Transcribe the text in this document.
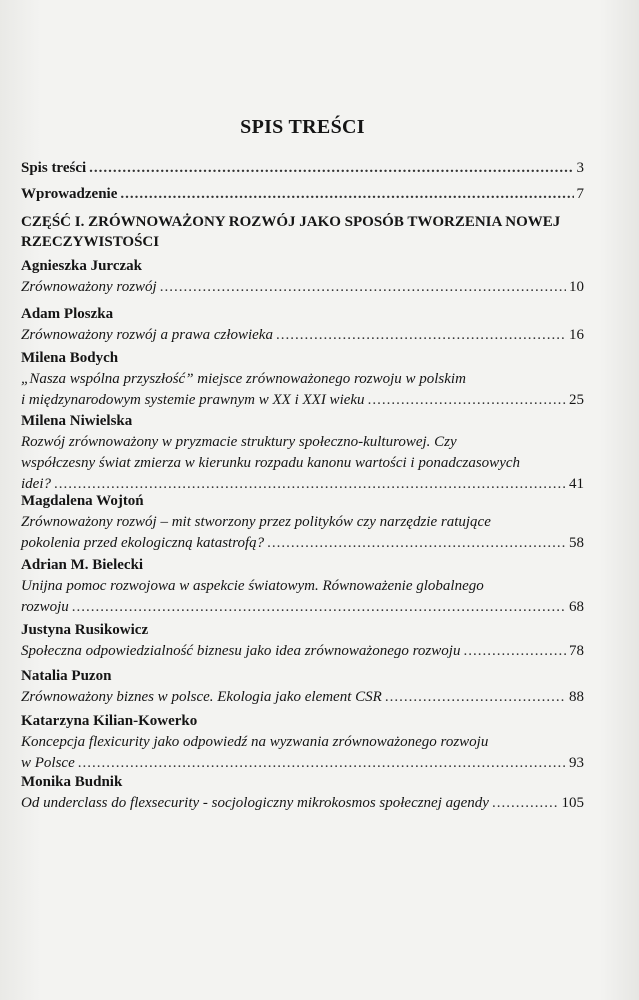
SPIS TREŚCI
Spis treści .....	3
Wprowadzenie .....	7
CZĘŚĆ I. ZRÓWNOWAŻONY ROZWÓJ JAKO SPOSÓB TWORZENIA NOWEJ RZECZYWISTOŚCI
Agnieszka Jurczak
Zrównoważony rozwój .....	10
Adam Ploszka
Zrównoważony rozwój a prawa człowieka .....	16
Milena Bodych
„Nasza wspólna przyszłość” miejsce zrównoważonego rozwoju w polskim
i międzynarodowym systemie prawnym w XX i XXI wieku .....	25
Milena Niwielska
Rozwój zrównoważony w pryzmacie struktury społeczno-kulturowej. Czy
współczesny świat zmierza w kierunku rozpadu kanonu wartości i ponadczasowych
idei? .....	41
Magdalena Wojtoń
Zrównoważony rozwój – mit stworzony przez polityków czy narzędzie ratujące
pokolenia przed ekologiczną katastrofą? .....	58
Adrian M. Bielecki
Unijna pomoc rozwojowa w aspekcie światowym. Równoważenie globalnego
rozwoju .....	68
Justyna Rusikowicz
Społeczna odpowiedzialność biznesu jako idea zrównoważonego rozwoju .....	78
Natalia Puzon
Zrównoważony biznes w polsce. Ekologia jako element CSR .....	88
Katarzyna Kilian-Kowerko
Koncepcja flexicurity jako odpowiedź na wyzwania zrównoważonego rozwoju
w Polsce .....	93
Monika Budnik
Od underclass do flexsecurity - socjologiczny mikrokosmos społecznej agendy .....	105
